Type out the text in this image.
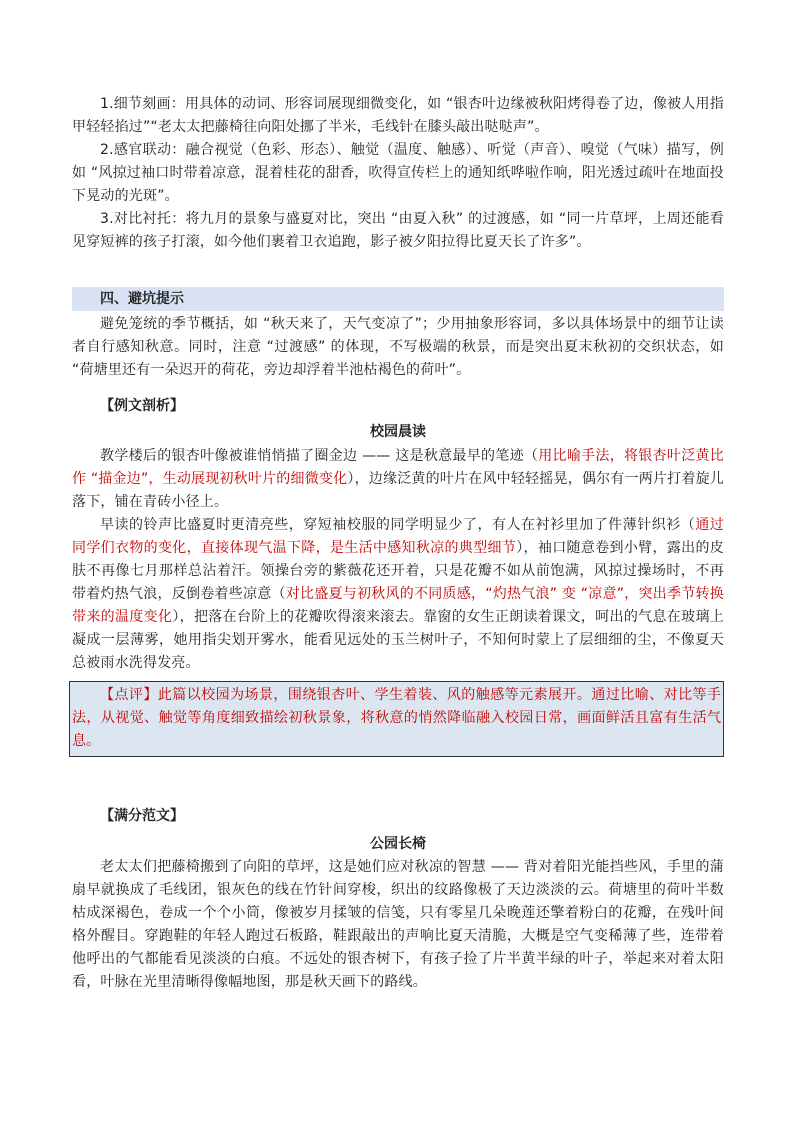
1.细节刻画：用具体的动词、形容词展现细微变化，如 “银杏叶边缘被秋阳烤得卷了边，像被人用指甲轻轻掐过”“老太太把藤椅往向阳处挪了半米，毛线针在膝头敲出哒哒声”。

2.感官联动：融合视觉（色彩、形态）、触觉（温度、触感）、听觉（声音）、嗅觉（气味）描写，例如 “风掠过袖口时带着凉意，混着桂花的甜香，吹得宣传栏上的通知纸哗啦作响，阳光透过疏叶在地面投下晃动的光斑”。

3.对比衬托：将九月的景象与盛夏对比，突出 “由夏入秋” 的过渡感，如 “同一片草坪，上周还能看见穿短裤的孩子打滚，如今他们裹着卫衣追跑，影子被夕阳拉得比夏天长了许多”。

四、避坑提示

避免笼统的季节概括，如 “秋天来了，天气变凉了”；少用抽象形容词，多以具体场景中的细节让读者自行感知秋意。同时，注意 “过渡感” 的体现，不写极端的秋景，而是突出夏末秋初的交织状态，如 “荷塘里还有一朵迟开的荷花，旁边却浮着半池枯褐色的荷叶”。

【例文剖析】
校园晨读

教学楼后的银杏叶像被谁悄悄描了圈金边 —— 这是秋意最早的笔迹（用比喻手法，将银杏叶泛黄比作 “描金边”，生动展现初秋叶片的细微变化），边缘泛黄的叶片在风中轻轻摇晃，偶尔有一两片打着旋儿落下，铺在青砖小径上。

早读的铃声比盛夏时更清亮些，穿短袖校服的同学明显少了，有人在衬衫里加了件薄针织衫（通过同学们衣物的变化，直接体现气温下降，是生活中感知秋凉的典型细节），袖口随意卷到小臂，露出的皮肤不再像七月那样总沾着汗。领操台旁的紫薇花还开着，只是花瓣不如从前饱满，风掠过操场时，不再带着灼热气浪，反倒卷着些凉意（对比盛夏与初秋风的不同质感，“灼热气浪” 变 “凉意”，突出季节转换带来的温度变化），把落在台阶上的花瓣吹得滚来滚去。靠窗的女生正朗读着课文，呵出的气息在玻璃上凝成一层薄雾，她用指尖划开雾水，能看见远处的玉兰树叶子，不知何时蒙上了层细细的尘，不像夏天总被雨水洗得发亮。

【点评】此篇以校园为场景，围绕银杏叶、学生着装、风的触感等元素展开。通过比喻、对比等手法，从视觉、触觉等角度细致描绘初秋景象，将秋意的悄然降临融入校园日常，画面鲜活且富有生活气息。
【满分范文】
公园长椅

老太太们把藤椅搬到了向阳的草坪，这是她们应对秋凉的智慧 —— 背对着阳光能挡些风，手里的蒲扇早就换成了毛线团，银灰色的线在竹针间穿梭，织出的纹路像极了天边淡淡的云。荷塘里的荷叶半数枯成深褐色，卷成一个个小筒，像被岁月揉皱的信笺，只有零星几朵晚莲还擎着粉白的花瓣，在残叶间格外醒目。穿跑鞋的年轻人跑过石板路，鞋跟敲出的声响比夏天清脆，大概是空气变稀薄了些，连带着他呼出的气都能看见淡淡的白痕。不远处的银杏树下，有孩子捡了片半黄半绿的叶子，举起来对着太阳看，叶脉在光里清晰得像幅地图，那是秋天画下的路线。
